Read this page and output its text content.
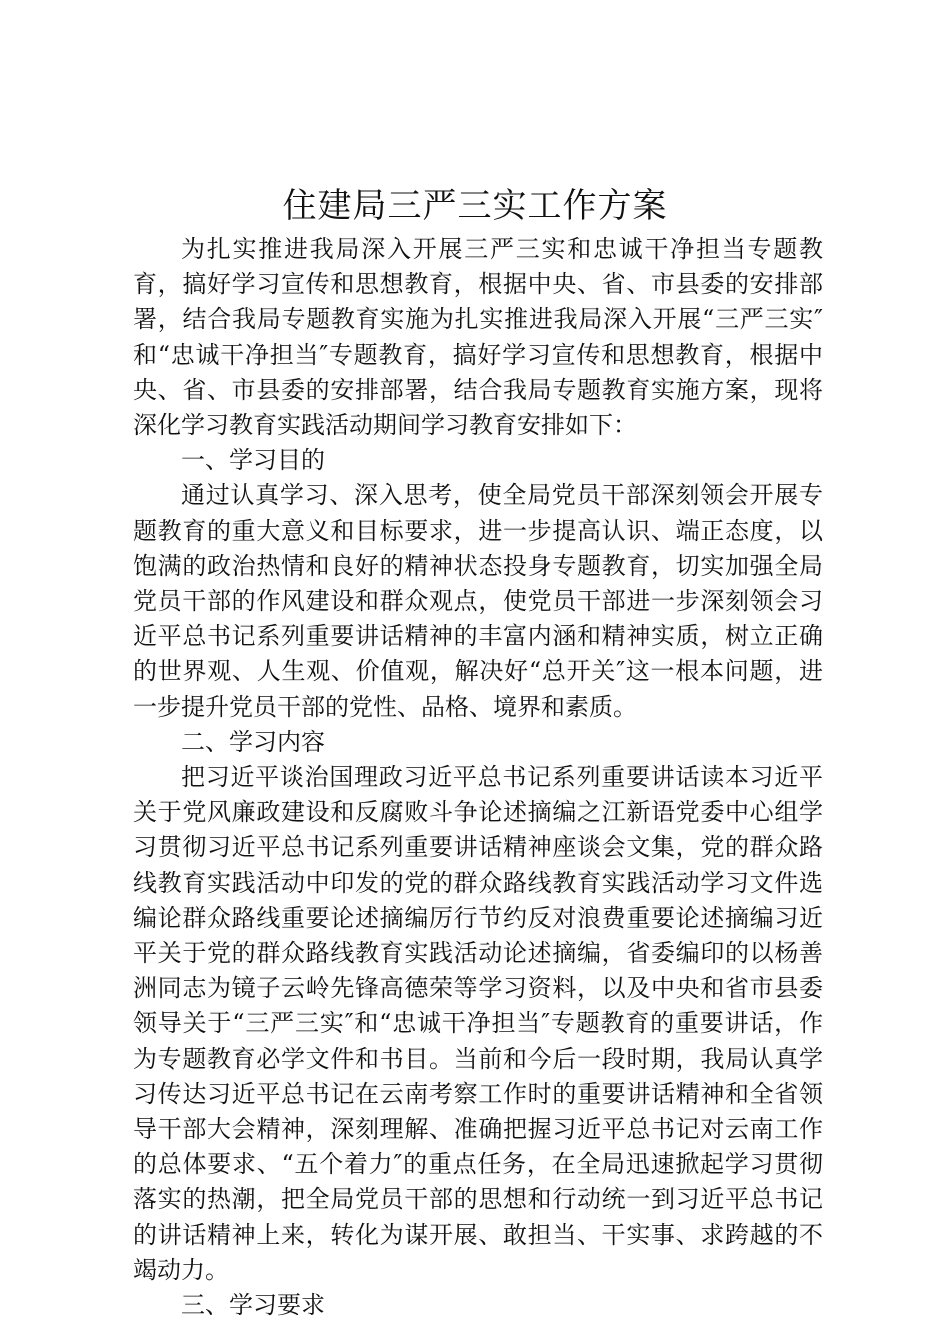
住建局三严三实工作方案

为扎实推进我局深入开展三严三实和忠诚干净担当专题教育，搞好学习宣传和思想教育，根据中央、省、市县委的安排部署，结合我局专题教育实施为扎实推进我局深入开展“三严三实″和“忠诚干净担当″专题教育，搞好学习宣传和思想教育，根据中央、省、市县委的安排部署，结合我局专题教育实施方案，现将深化学习教育实践活动期间学习教育安排如下：

一、学习目的

通过认真学习、深入思考，使全局党员干部深刻领会开展专题教育的重大意义和目标要求，进一步提高认识、端正态度，以饱满的政治热情和良好的精神状态投身专题教育，切实加强全局党员干部的作风建设和群众观点，使党员干部进一步深刻领会习近平总书记系列重要讲话精神的丰富内涵和精神实质，树立正确的世界观、人生观、价值观，解决好“总开关″这一根本问题，进一步提升党员干部的党性、品格、境界和素质。

二、学习内容

把习近平谈治国理政习近平总书记系列重要讲话读本习近平关于党风廉政建设和反腐败斗争论述摘编之江新语党委中心组学习贯彻习近平总书记系列重要讲话精神座谈会文集，党的群众路线教育实践活动中印发的党的群众路线教育实践活动学习文件选编论群众路线重要论述摘编厉行节约反对浪费重要论述摘编习近平关于党的群众路线教育实践活动论述摘编，省委编印的以杨善洲同志为镜子云岭先锋高德荣等学习资料，以及中央和省市县委领导关于“三严三实″和“忠诚干净担当″专题教育的重要讲话，作为专题教育必学文件和书目。当前和今后一段时期，我局认真学习传达习近平总书记在云南考察工作时的重要讲话精神和全省领导干部大会精神，深刻理解、准确把握习近平总书记对云南工作的总体要求、“五个着力″的重点任务，在全局迅速掀起学习贯彻落实的热潮，把全局党员干部的思想和行动统一到习近平总书记的讲话精神上来，转化为谋开展、敢担当、干实事、求跨越的不竭动力。

三、学习要求
